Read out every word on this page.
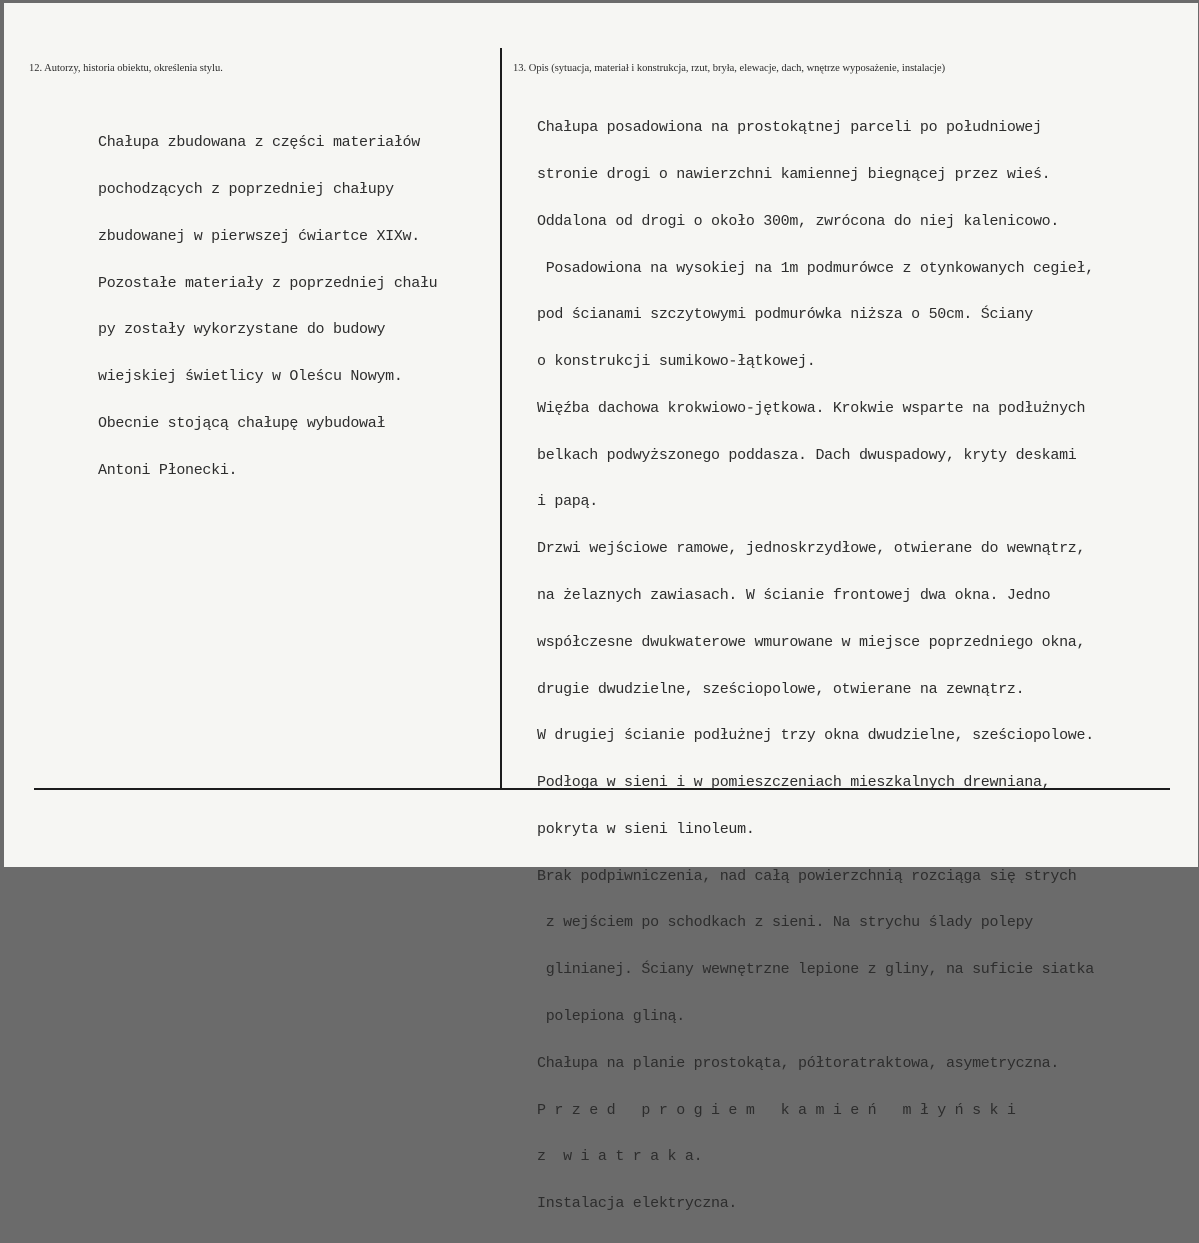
12. Autorzy, historia obiektu, określenia stylu.	13. Opis (sytuacja, materiał i konstrukcja, rzut, bryła, elewacje, dach, wnętrze wyposażenie, instalacje)

Chałupa zbudowana z części materiałów

pochodzących z poprzedniej chałupy

zbudowanej w pierwszej ćwiartce XIXw.

Pozostałe materiały z poprzedniej chału

py zostały wykorzystane do budowy

wiejskiej świetlicy w Oleścu Nowym.

Obecnie stojącą chałupę wybudował

Antoni Płonecki.

Chałupa posadowiona na prostokątnej parceli po południowej

stronie drogi o nawierzchni kamiennej biegnącej przez wieś.

Oddalona od drogi o około 300m, zwrócona do niej kalenicowo.

Posadowiona na wysokiej na 1m podmurówce z otynkowanych cegieł,

pod ścianami szczytowymi podmurówka niższa o 50cm. Ściany

o konstrukcji sumikowo-łątkowej.

Więźba dachowa krokwiowo-jętkowa. Krokwie wsparte na podłużnych

belkach podwyższonego poddasza. Dach dwuspadowy, kryty deskami

i papą.

Drzwi wejściowe ramowe, jednoskrzydłowe, otwierane do wewnątrz,

na żelaznych zawiasach. W ścianie frontowej dwa okna. Jedno

współczesne dwukwaterowe wmurowane w miejsce poprzedniego okna,

drugie dwudzielne, sześciopolowe, otwierane na zewnątrz.

W drugiej ścianie podłużnej trzy okna dwudzielne, sześciopolowe.

Podłoga w sieni i w pomieszczeniach mieszkalnych drewniana,

pokryta w sieni linoleum.

Brak podpiwniczenia, nad całą powierzchnią rozciąga się strych

z wejściem po schodkach z sieni. Na strychu ślady polepy

glinianej. Ściany wewnętrzne lepione z gliny, na suficie siatka

polepiona gliną.

Chałupa na planie prostokąta, półtoratraktowa, asymetryczna.

P r z e d   p r o g i e m   k a m i e ń   m ł y ń s k i

z  w i a t r a k a.

Instalacja elektryczna.
